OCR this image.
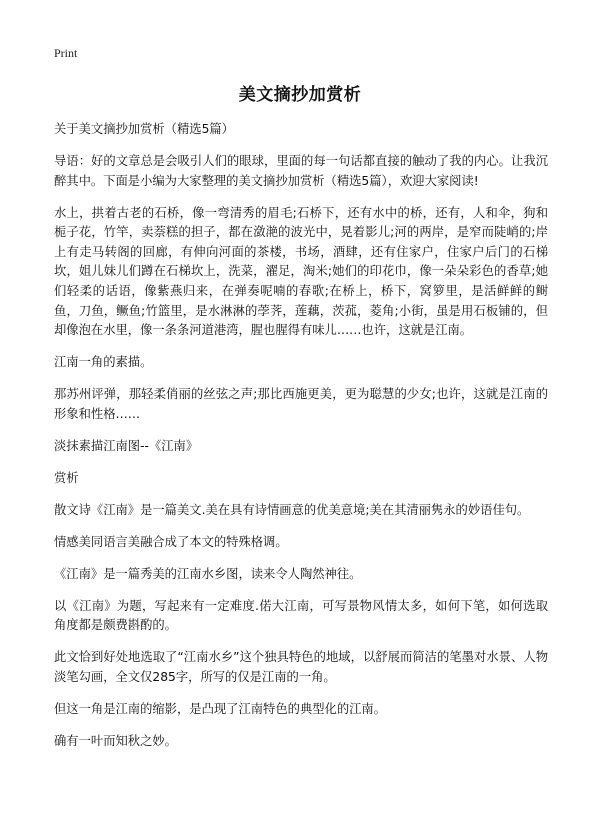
Print
美文摘抄加赏析

关于美文摘抄加赏析（精选5篇）

导语：好的文章总是会吸引人们的眼球，里面的每一句话都直接的触动了我的内心。让我沉醉其中。下面是小编为大家整理的美文摘抄加赏析（精选5篇），欢迎大家阅读!

水上，拱着古老的石桥，像一弯清秀的眉毛;石桥下，还有水中的桥，还有，人和伞，狗和栀子花，竹竿，卖萘糕的担子，都在潋滟的波光中，晃着影儿;河的两岸，是窄而陡峭的;岸上有走马转阁的回廊，有伸向河面的茶楼，书场，酒肆，还有住家户，住家户后门的石梯坎，姐儿妹儿们蹲在石梯坎上，洗菜，濯足，淘米;她们的印花巾，像一朵朵彩色的香草;她们轻柔的话语，像紫燕归来，在弹奏呢喃的春歌;在桥上，桥下，窝箩里，是活鲜鲜的鲥鱼，刀鱼，鳜鱼;竹篮里，是水淋淋的荸荠，莲藕，茨菰，菱角;小街，虽是用石板铺的，但却像泡在水里，像一条条河道港湾，腥也腥得有味儿……也许，这就是江南。

江南一角的素描。

那苏州评弹，那轻柔俏丽的丝弦之声;那比西施更美，更为聪慧的少女;也许，这就是江南的形象和性格……

淡抹素描江南图--《江南》

赏析

散文诗《江南》是一篇美文.美在具有诗情画意的优美意境;美在其清丽隽永的妙语佳句。

情感美同语言美融合成了本文的特殊格调。

《江南》是一篇秀美的江南水乡图，读来令人陶然神往。

以《江南》为题，写起来有一定难度.偌大江南，可写景物风情太多，如何下笔，如何选取角度都是颇费斟酌的。

此文恰到好处地选取了“江南水乡”这个独具特色的地域，以舒展而简洁的笔墨对水景、人物淡笔勾画，全文仅285字，所写的仅是江南的一角。

但这一角是江南的缩影，是凸现了江南特色的典型化的江南。

确有一叶而知秋之妙。
